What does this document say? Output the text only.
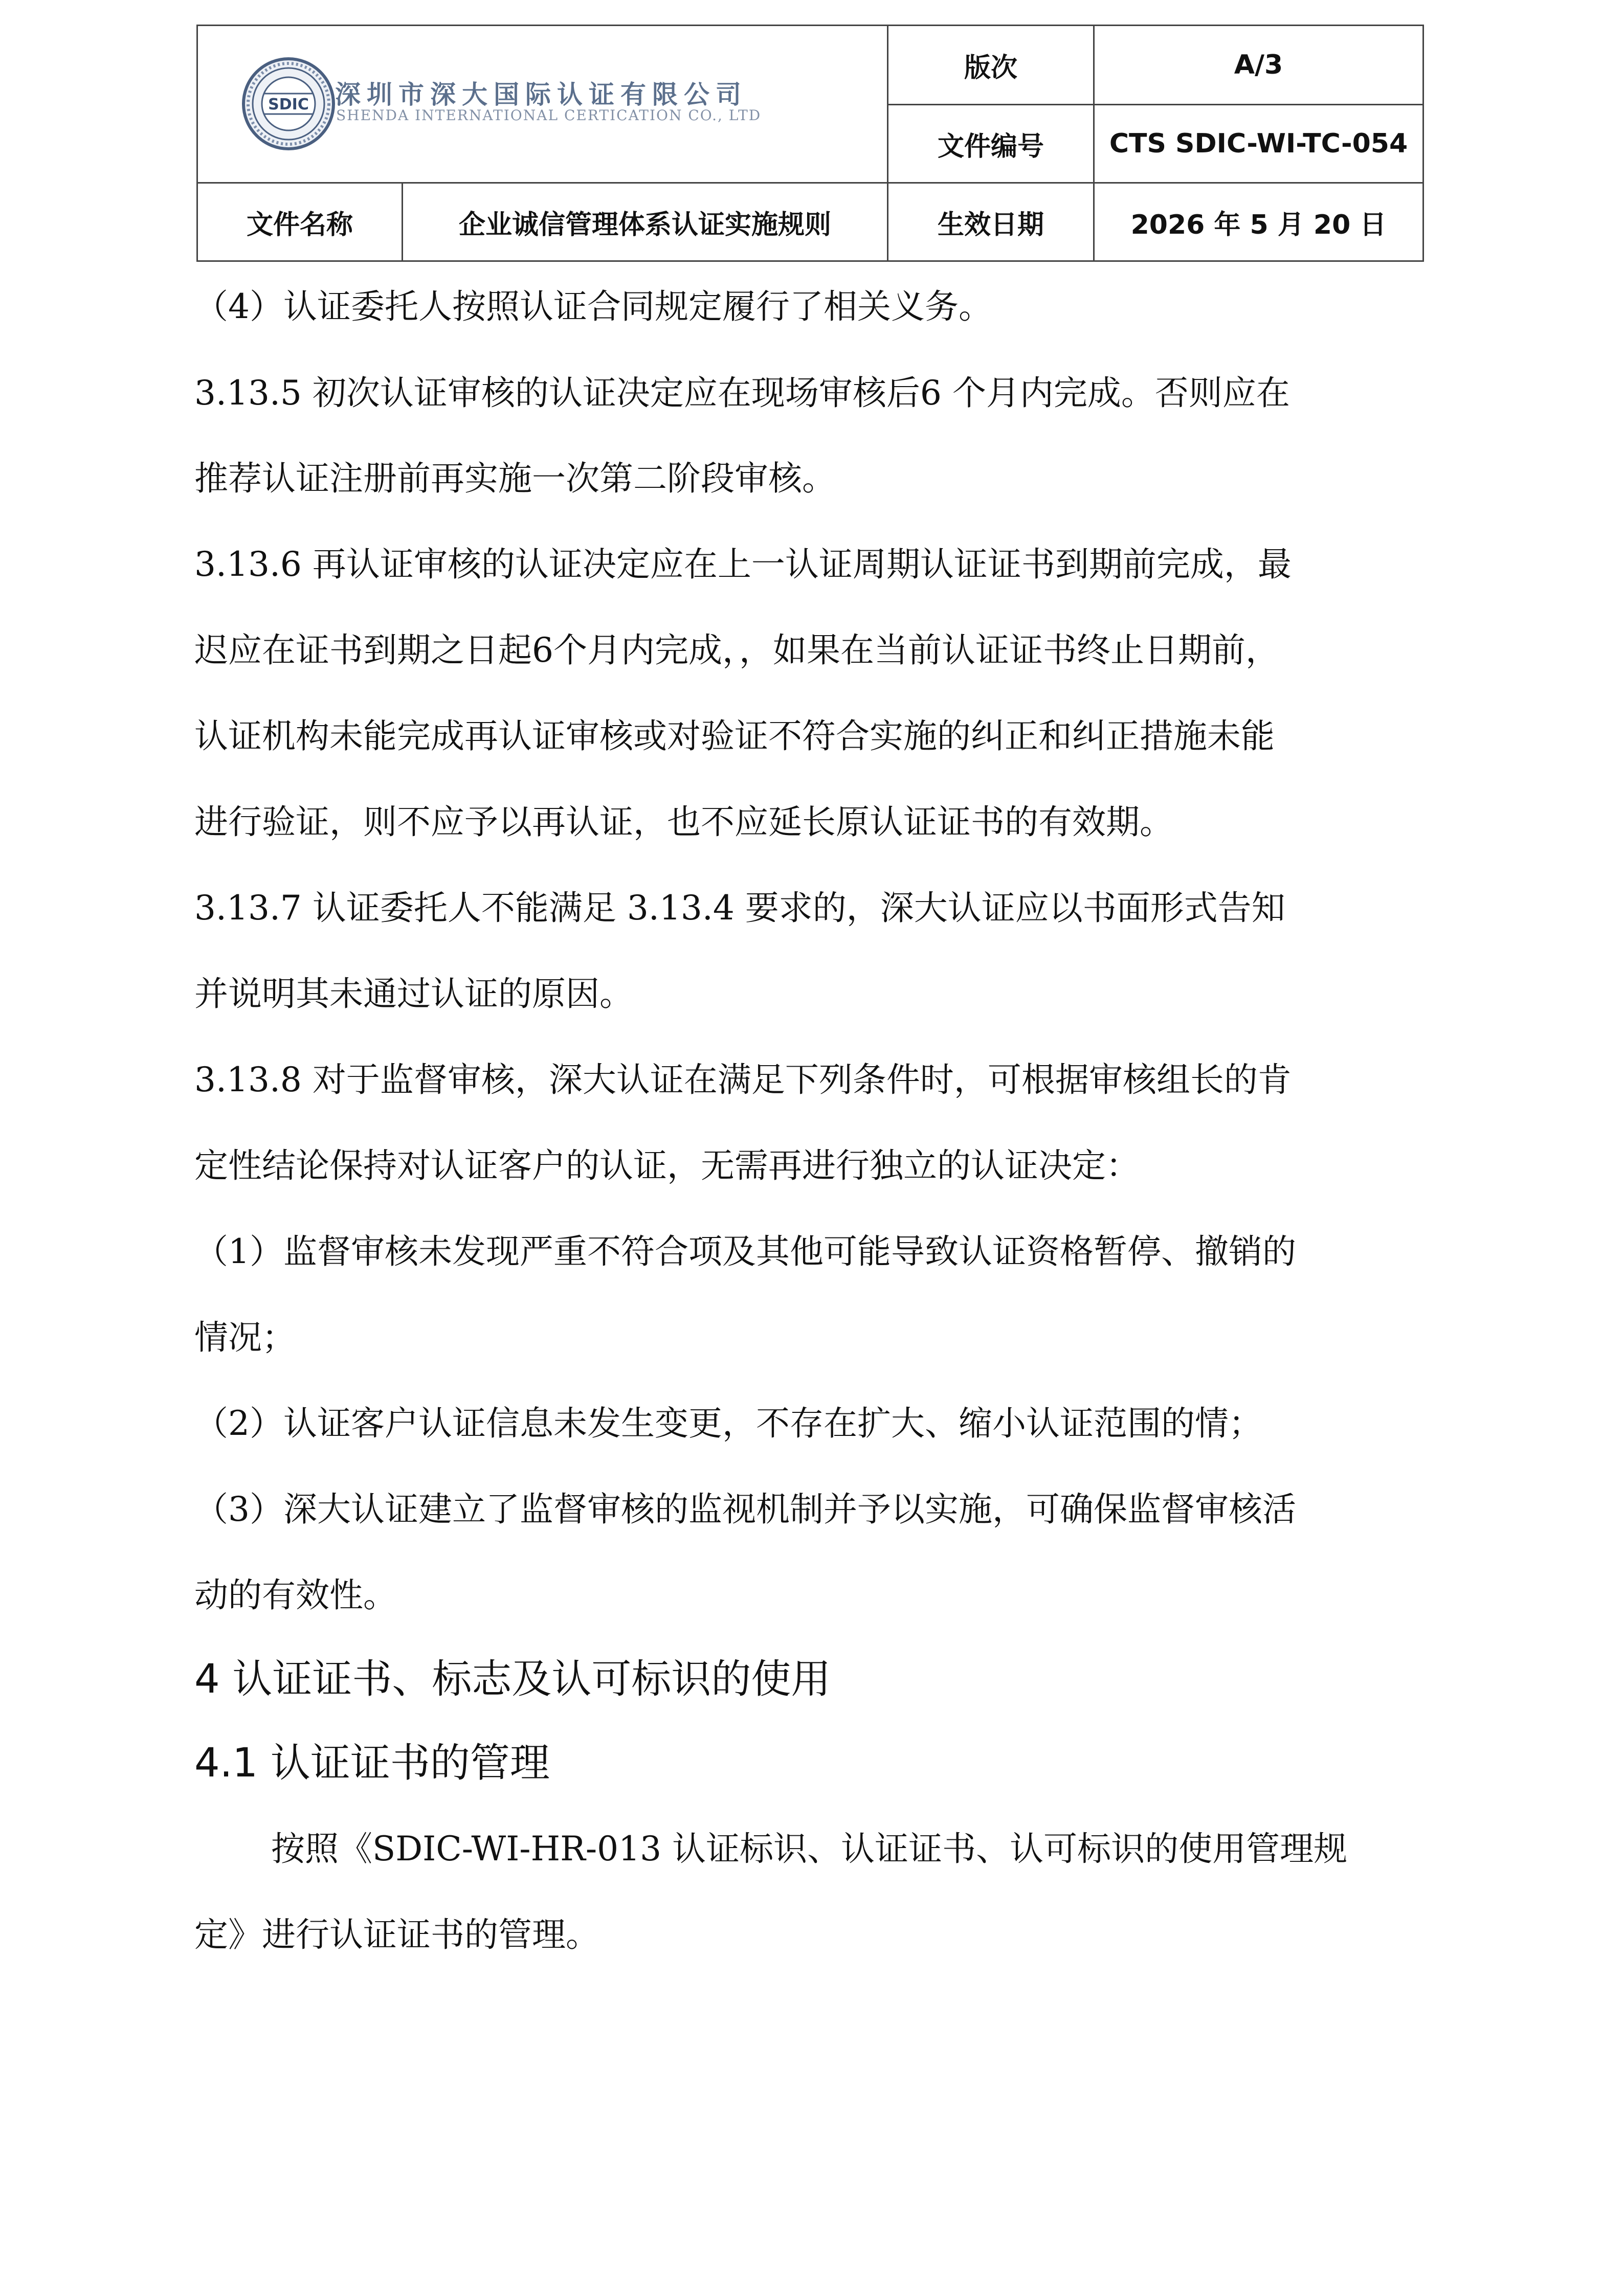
SDIC 深圳市深大国际认证有限公司
SHENDA INTERNATIONAL CERTICATION CO., LTD
版次	A/3
文件编号	CTS SDIC-WI-TC-054
文件名称	企业诚信管理体系认证实施规则	生效日期	2026 年 5 月 20 日
（4）认证委托人按照认证合同规定履行了相关义务。
3.13.5 初次认证审核的认证决定应在现场审核后6 个月内完成。否则应在
推荐认证注册前再实施一次第二阶段审核。
3.13.6 再认证审核的认证决定应在上一认证周期认证证书到期前完成，最
迟应在证书到期之日起6个月内完成，，如果在当前认证证书终止日期前，
认证机构未能完成再认证审核或对验证不符合实施的纠正和纠正措施未能
进行验证，则不应予以再认证，也不应延长原认证证书的有效期。
3.13.7 认证委托人不能满足 3.13.4 要求的，深大认证应以书面形式告知
并说明其未通过认证的原因。
3.13.8 对于监督审核，深大认证在满足下列条件时，可根据审核组长的肯
定性结论保持对认证客户的认证，无需再进行独立的认证决定：
（1）监督审核未发现严重不符合项及其他可能导致认证资格暂停、撤销的
情况；
（2）认证客户认证信息未发生变更，不存在扩大、缩小认证范围的情；
（3）深大认证建立了监督审核的监视机制并予以实施，可确保监督审核活
动的有效性。
4 认证证书、标志及认可标识的使用
4.1 认证证书的管理
按照《SDIC-WI-HR-013 认证标识、认证证书、认可标识的使用管理规
定》进行认证证书的管理。
